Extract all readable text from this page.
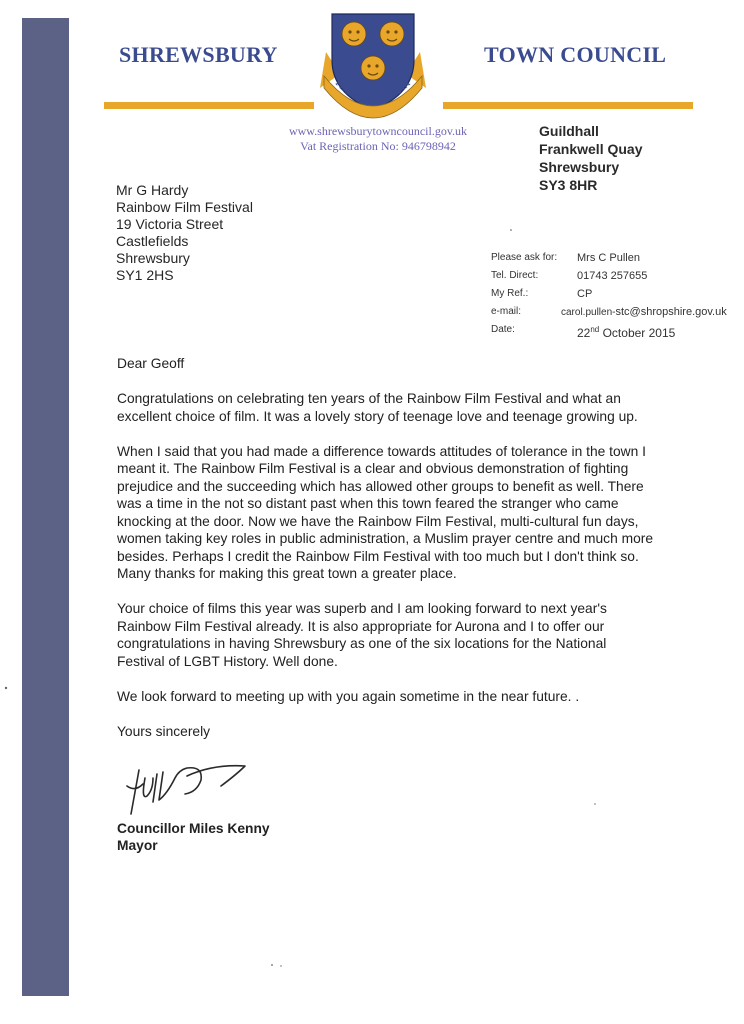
SHREWSBURY	TOWN COUNCIL
FLOREAT SALOPIA
www.shrewsburytowncouncil.gov.uk
Vat Registration No: 946798942
Guildhall
Frankwell Quay
Shrewsbury
SY3 8HR
Mr G Hardy
Rainbow Film Festival
19 Victoria Street
Castlefields
Shrewsbury
SY1 2HS
Please ask for: Mrs C Pullen
Tel. Direct:	01743 257655
My Ref.:	CP
e-mail:	carol.pullen-stc@shropshire.gov.uk
Date:	22nd October 2015

Dear Geoff

Congratulations on celebrating ten years of the Rainbow Film Festival and what an excellent choice of film. It was a lovely story of teenage love and teenage growing up.

When I said that you had made a difference towards attitudes of tolerance in the town I meant it. The Rainbow Film Festival is a clear and obvious demonstration of fighting prejudice and the succeeding which has allowed other groups to benefit as well. There was a time in the not so distant past when this town feared the stranger who came knocking at the door. Now we have the Rainbow Film Festival, multi-cultural fun days, women taking key roles in public administration, a Muslim prayer centre and much more besides. Perhaps I credit the Rainbow Film Festival with too much but I don't think so. Many thanks for making this great town a greater place.

Your choice of films this year was superb and I am looking forward to next year's Rainbow Film Festival already. It is also appropriate for Aurona and I to offer our congratulations in having Shrewsbury as one of the six locations for the National Festival of LGBT History. Well done.

We look forward to meeting up with you again sometime in the near future. .

Yours sincerely

Councillor Miles Kenny
Mayor
